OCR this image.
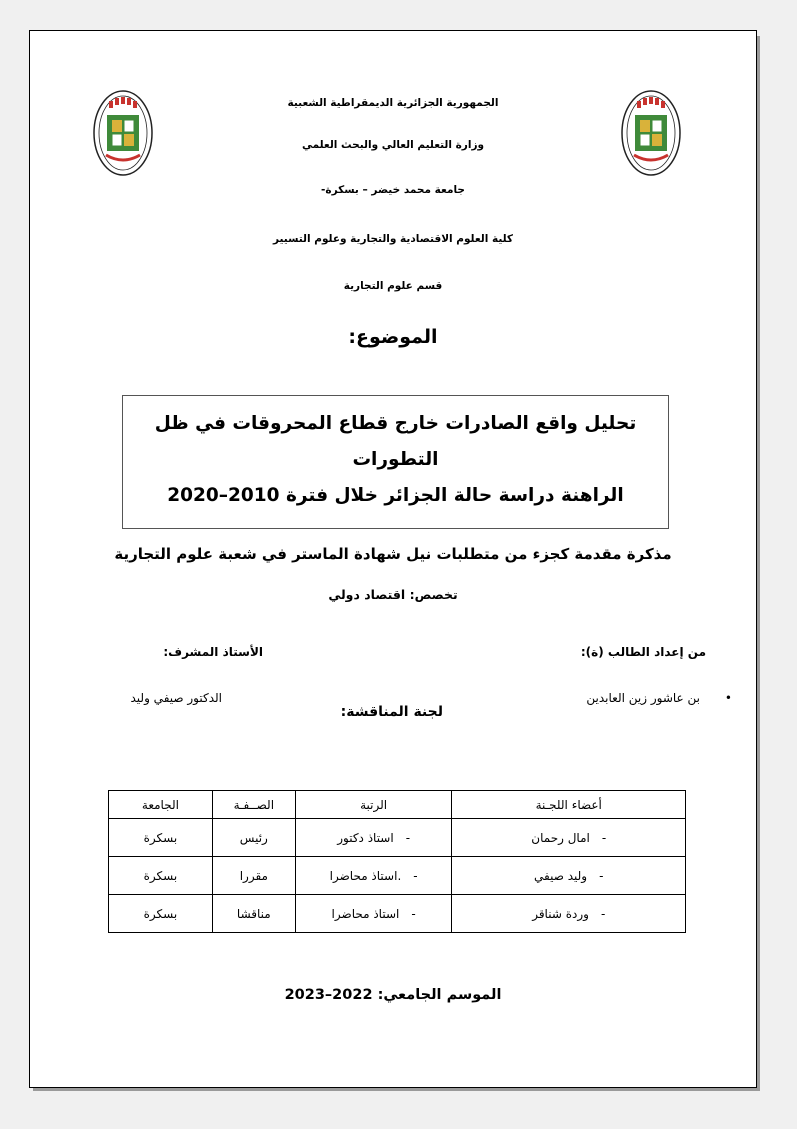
الجمهورية الجزائرية الديمقراطية الشعبية
وزارة التعليم العالي والبحث العلمي
جامعة محمد خيضر – بسكرة-
كلية العلوم الاقتصادية والتجارية وعلوم التسيير
قسم علوم التجارية
الموضوع:
تحليل واقع الصادرات خارج قطاع المحروقات في ظل التطورات
الراهنة دراسة حالة الجزائر خلال فترة 2010–2020
مذكرة مقدمة كجزء من متطلبات نيل شهادة الماستر في شعبة علوم التجارية
تخصص: اقتصاد دولي
من إعداد الطالب (ة):
الأستاذ المشرف:
•
بن عاشور زين العابدين
الدكتور صيفي وليد
لجنة المناقشة:
أعضاء اللجـنة	الرتبة	الصــفـة	الجامعة
-امال رحمان	-استاذ دكتور	رئيس	بسكرة
-وليد صيفي	-.استاذ محاضرا	مقررا	بسكرة
-وردة شناقر	-استاذ محاضرا	مناقشا	بسكرة
الموسم الجامعي: 2022–2023
